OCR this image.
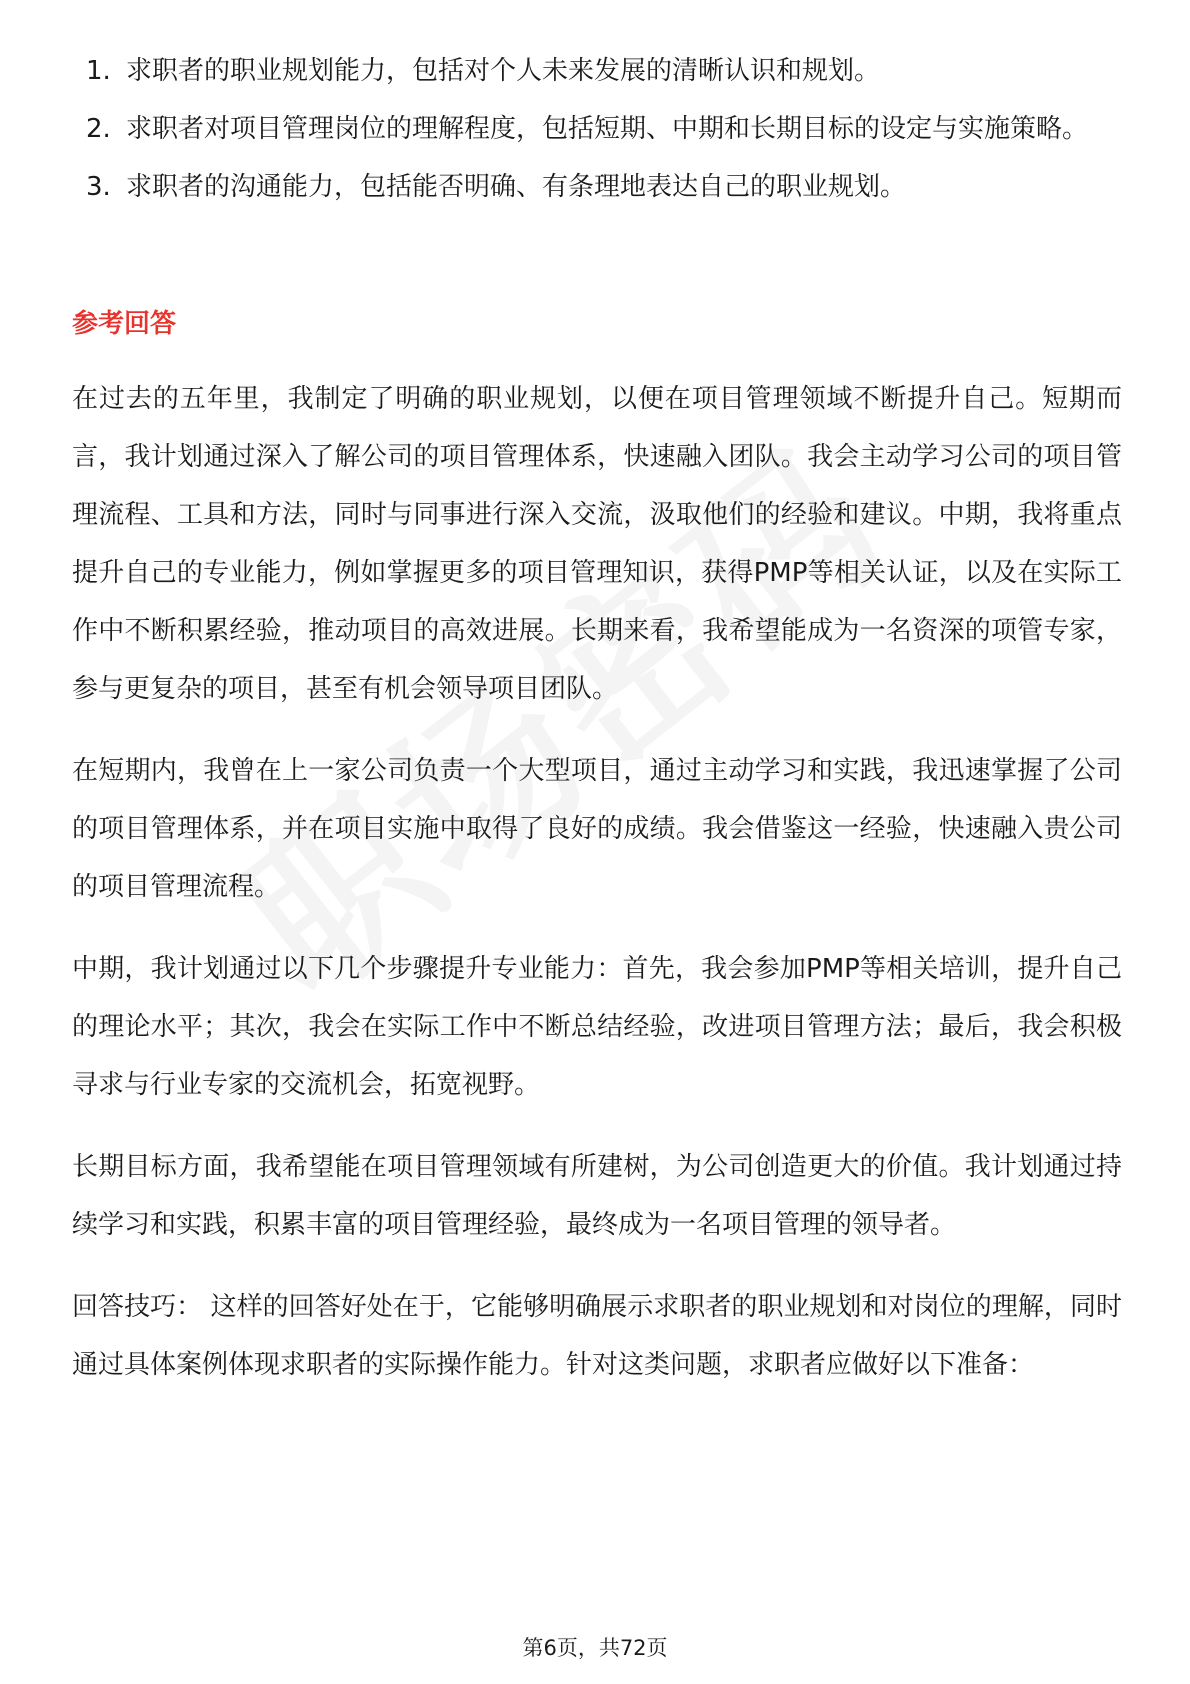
1. 求职者的职业规划能力，包括对个人未来发展的清晰认识和规划。
2. 求职者对项目管理岗位的理解程度，包括短期、中期和长期目标的设定与实施策略。
3. 求职者的沟通能力，包括能否明确、有条理地表达自己的职业规划。
参考回答

在过去的五年里，我制定了明确的职业规划，以便在项目管理领域不断提升自己。短期而言，我计划通过深入了解公司的项目管理体系，快速融入团队。我会主动学习公司的项目管理流程、工具和方法，同时与同事进行深入交流，汲取他们的经验和建议。中期，我将重点提升自己的专业能力，例如掌握更多的项目管理知识，获得PMP等相关认证，以及在实际工作中不断积累经验，推动项目的高效进展。长期来看，我希望能成为一名资深的项管专家，参与更复杂的项目，甚至有机会领导项目团队。

在短期内，我曾在上一家公司负责一个大型项目，通过主动学习和实践，我迅速掌握了公司的项目管理体系，并在项目实施中取得了良好的成绩。我会借鉴这一经验，快速融入贵公司的项目管理流程。

中期，我计划通过以下几个步骤提升专业能力：首先，我会参加PMP等相关培训，提升自己的理论水平；其次，我会在实际工作中不断总结经验，改进项目管理方法；最后，我会积极寻求与行业专家的交流机会，拓宽视野。

长期目标方面，我希望能在项目管理领域有所建树，为公司创造更大的价值。我计划通过持续学习和实践，积累丰富的项目管理经验，最终成为一名项目管理的领导者。

回答技巧： 这样的回答好处在于，它能够明确展示求职者的职业规划和对岗位的理解，同时通过具体案例体现求职者的实际操作能力。针对这类问题，求职者应做好以下准备：

第6页，共72页
